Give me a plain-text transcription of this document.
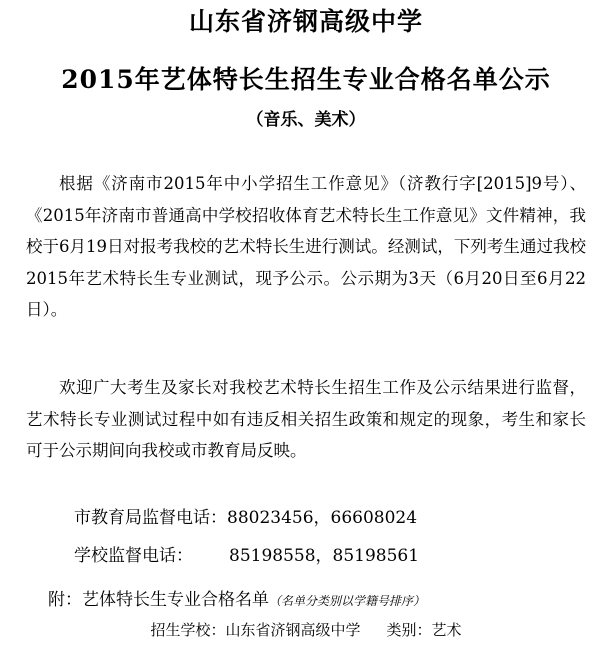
山东省济钢高级中学
2015年艺体特长生招生专业合格名单公示
（音乐、美术）
根据《济南市2015年中小学招生工作意见》（济教行字[2015]9号）、《2015年济南市普通高中学校招收体育艺术特长生工作意见》文件精神，我校于6月19日对报考我校的艺术特长生进行测试。经测试，下列考生通过我校2015年艺术特长生专业测试，现予公示。公示期为3天（6月20日至6月22日）。
欢迎广大考生及家长对我校艺术特长生招生工作及公示结果进行监督，艺术特长专业测试过程中如有违反相关招生政策和规定的现象，考生和家长可于公示期间向我校或市教育局反映。
市教育局监督电话：88023456，66608024
学校监督电话： 85198558，85198561
附：艺体特长生专业合格名单（名单分类别以学籍号排序）
招生学校：山东省济钢高级中学 类别：艺术
